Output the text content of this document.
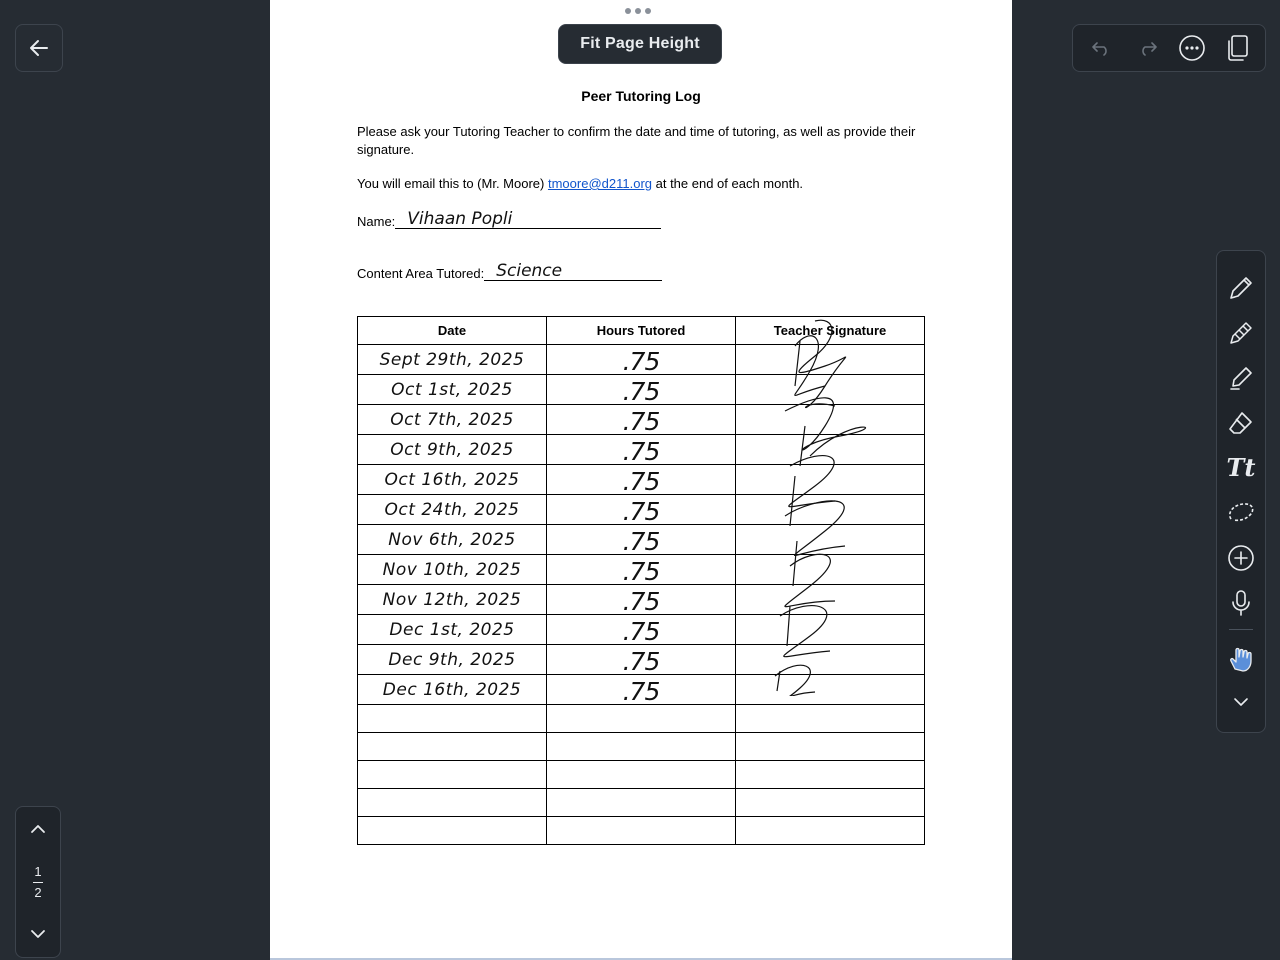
Fit Page Height
Peer Tutoring Log
Please ask your Tutoring Teacher to confirm the date and time of tutoring, as well as provide their signature.
You will email this to (Mr. Moore) tmoore@d211.org at the end of each month.
Name: Vihaan Popli
Content Area Tutored: Science
Date	Hours Tutored	Teacher Signature
Sept 29th, 2025	.75	
Oct 1st, 2025	.75	
Oct 7th, 2025	.75	
Oct 9th, 2025	.75	
Oct 16th, 2025	.75	
Oct 24th, 2025	.75	
Nov 6th, 2025	.75	
Nov 10th, 2025	.75	
Nov 12th, 2025	.75	
Dec 1st, 2025	.75	
Dec 9th, 2025	.75	
Dec 16th, 2025	.75	

1
2
Tt
